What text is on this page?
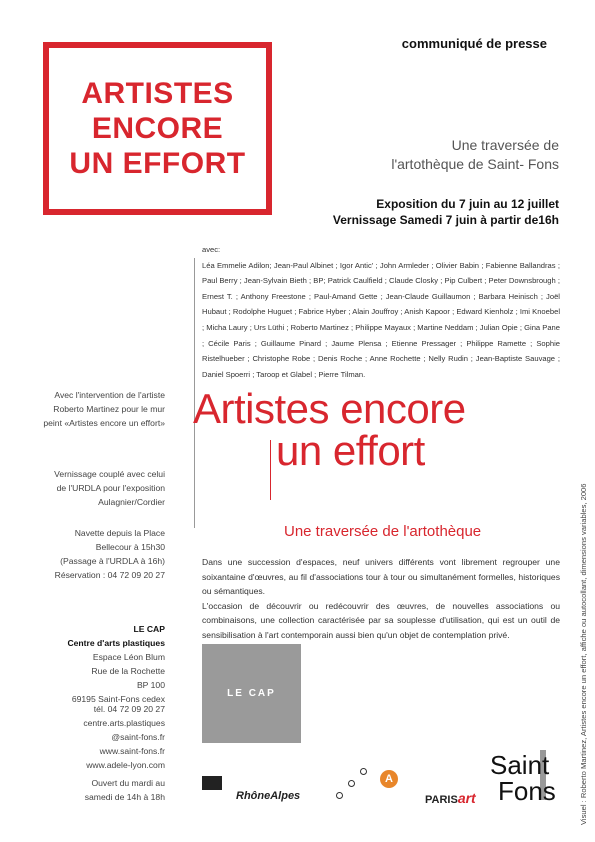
ARTISTES
ENCORE
UN EFFORT
communiqué de presse
Une traversée de
l'artothèque de Saint- Fons
Exposition du 7 juin au 12 juillet
Vernissage Samedi 7 juin à partir de16h
avec:
Léa Emmelie Adilon; Jean-Paul Albinet ; Igor Antic' ; John Armleder ; Olivier Babin ; Fabienne Ballandras ; Paul Berry ; Jean-Sylvain Bieth ; BP; Patrick Caulfield ; Claude Closky ; Pip Culbert ; Peter Downsbrough ; Ernest T. ; Anthony Freestone ; Paul-Amand Gette ; Jean-Claude Guillaumon ; Barbara Heinisch ; Joël Hubaut ; Rodolphe Huguet ; Fabrice Hyber ; Alain Jouffroy ; Anish Kapoor ; Edward Kienholz ; Imi Knoebel ; Micha Laury ; Urs Lüthi ; Roberto Martinez ; Philippe Mayaux ; Martine Neddam ; Julian Opie ; Gina Pane ; Cécile Paris ; Guillaume Pinard ; Jaume Plensa ; Etienne Pressager ; Philippe Ramette ; Sophie Ristelhueber ; Christophe Robe ; Denis Roche ; Anne Rochette ; Nelly Rudin ; Jean-Baptiste Sauvage ; Daniel Spoerri ; Taroop et Glabel ; Pierre Tilman.
Avec l'intervention de l'artiste
Roberto Martinez pour le mur
peint «Artistes encore un effort»
Vernissage couplé avec celui
de l'URDLA pour l'exposition
Aulagnier/Cordier
Navette depuis la Place
Bellecour à 15h30
(Passage à l'URDLA à 16h)
Réservation : 04 72 09 20 27
LE CAP
Centre d'arts plastiques
Espace Léon Blum
Rue de la Rochette
BP 100
69195 Saint-Fons cedex
tél. 04 72 09 20 27
centre.arts.plastiques
@saint-fons.fr
www.saint-fons.fr
www.adele-lyon.com
Ouvert du mardi au
samedi de 14h à 18h
Artistes encore
un effort
Une traversée de l'artothèque
Dans une succession d'espaces, neuf univers différents vont librement regrouper une soixantaine d'œuvres, au fil d'associations tour à tour ou simultanément formelles, historiques ou sémantiques.
L'occasion de découvrir ou redécouvrir des œuvres, de nouvelles associations ou combinaisons, une collection caractérisée par sa souplesse d'utilisation, qui est un outil de sensibilisation à l'art contemporain aussi bien qu'un objet de contemplation privé.
LE CAP
RhôneAlpes
A
PARISart
Saint
Fons	Visuel : Roberto Martinez, Artistes encore un effort, affiche ou autocollant, dimensions variables, 2006
